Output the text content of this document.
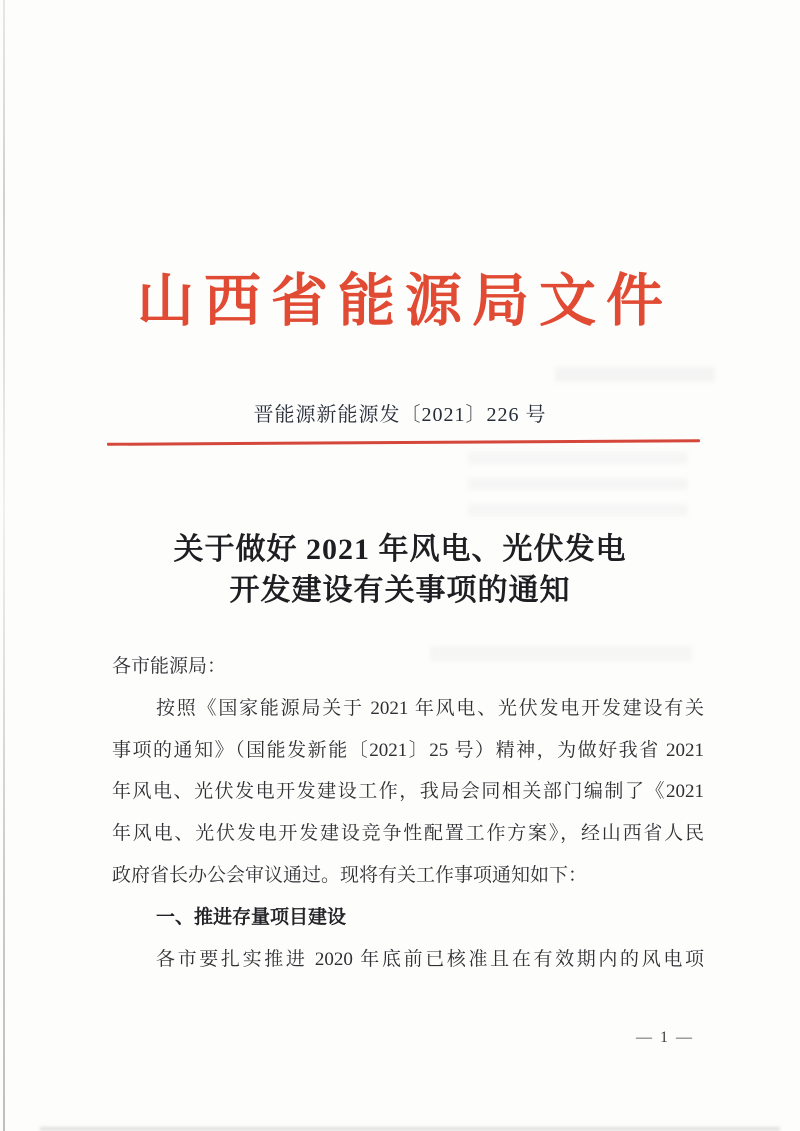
山西省能源局文件
晋能源新能源发〔2021〕226 号
关于做好 2021 年风电、光伏发电
开发建设有关事项的通知
各市能源局：
按照《国家能源局关于 2021 年风电、光伏发电开发建设有关
事项的通知》（国能发新能〔2021〕25 号）精神，为做好我省 2021
年风电、光伏发电开发建设工作，我局会同相关部门编制了《2021
年风电、光伏发电开发建设竞争性配置工作方案》，经山西省人民
政府省长办公会审议通过。现将有关工作事项通知如下：
一、推进存量项目建设
各市要扎实推进 2020 年底前已核准且在有效期内的风电项
— 1 —
